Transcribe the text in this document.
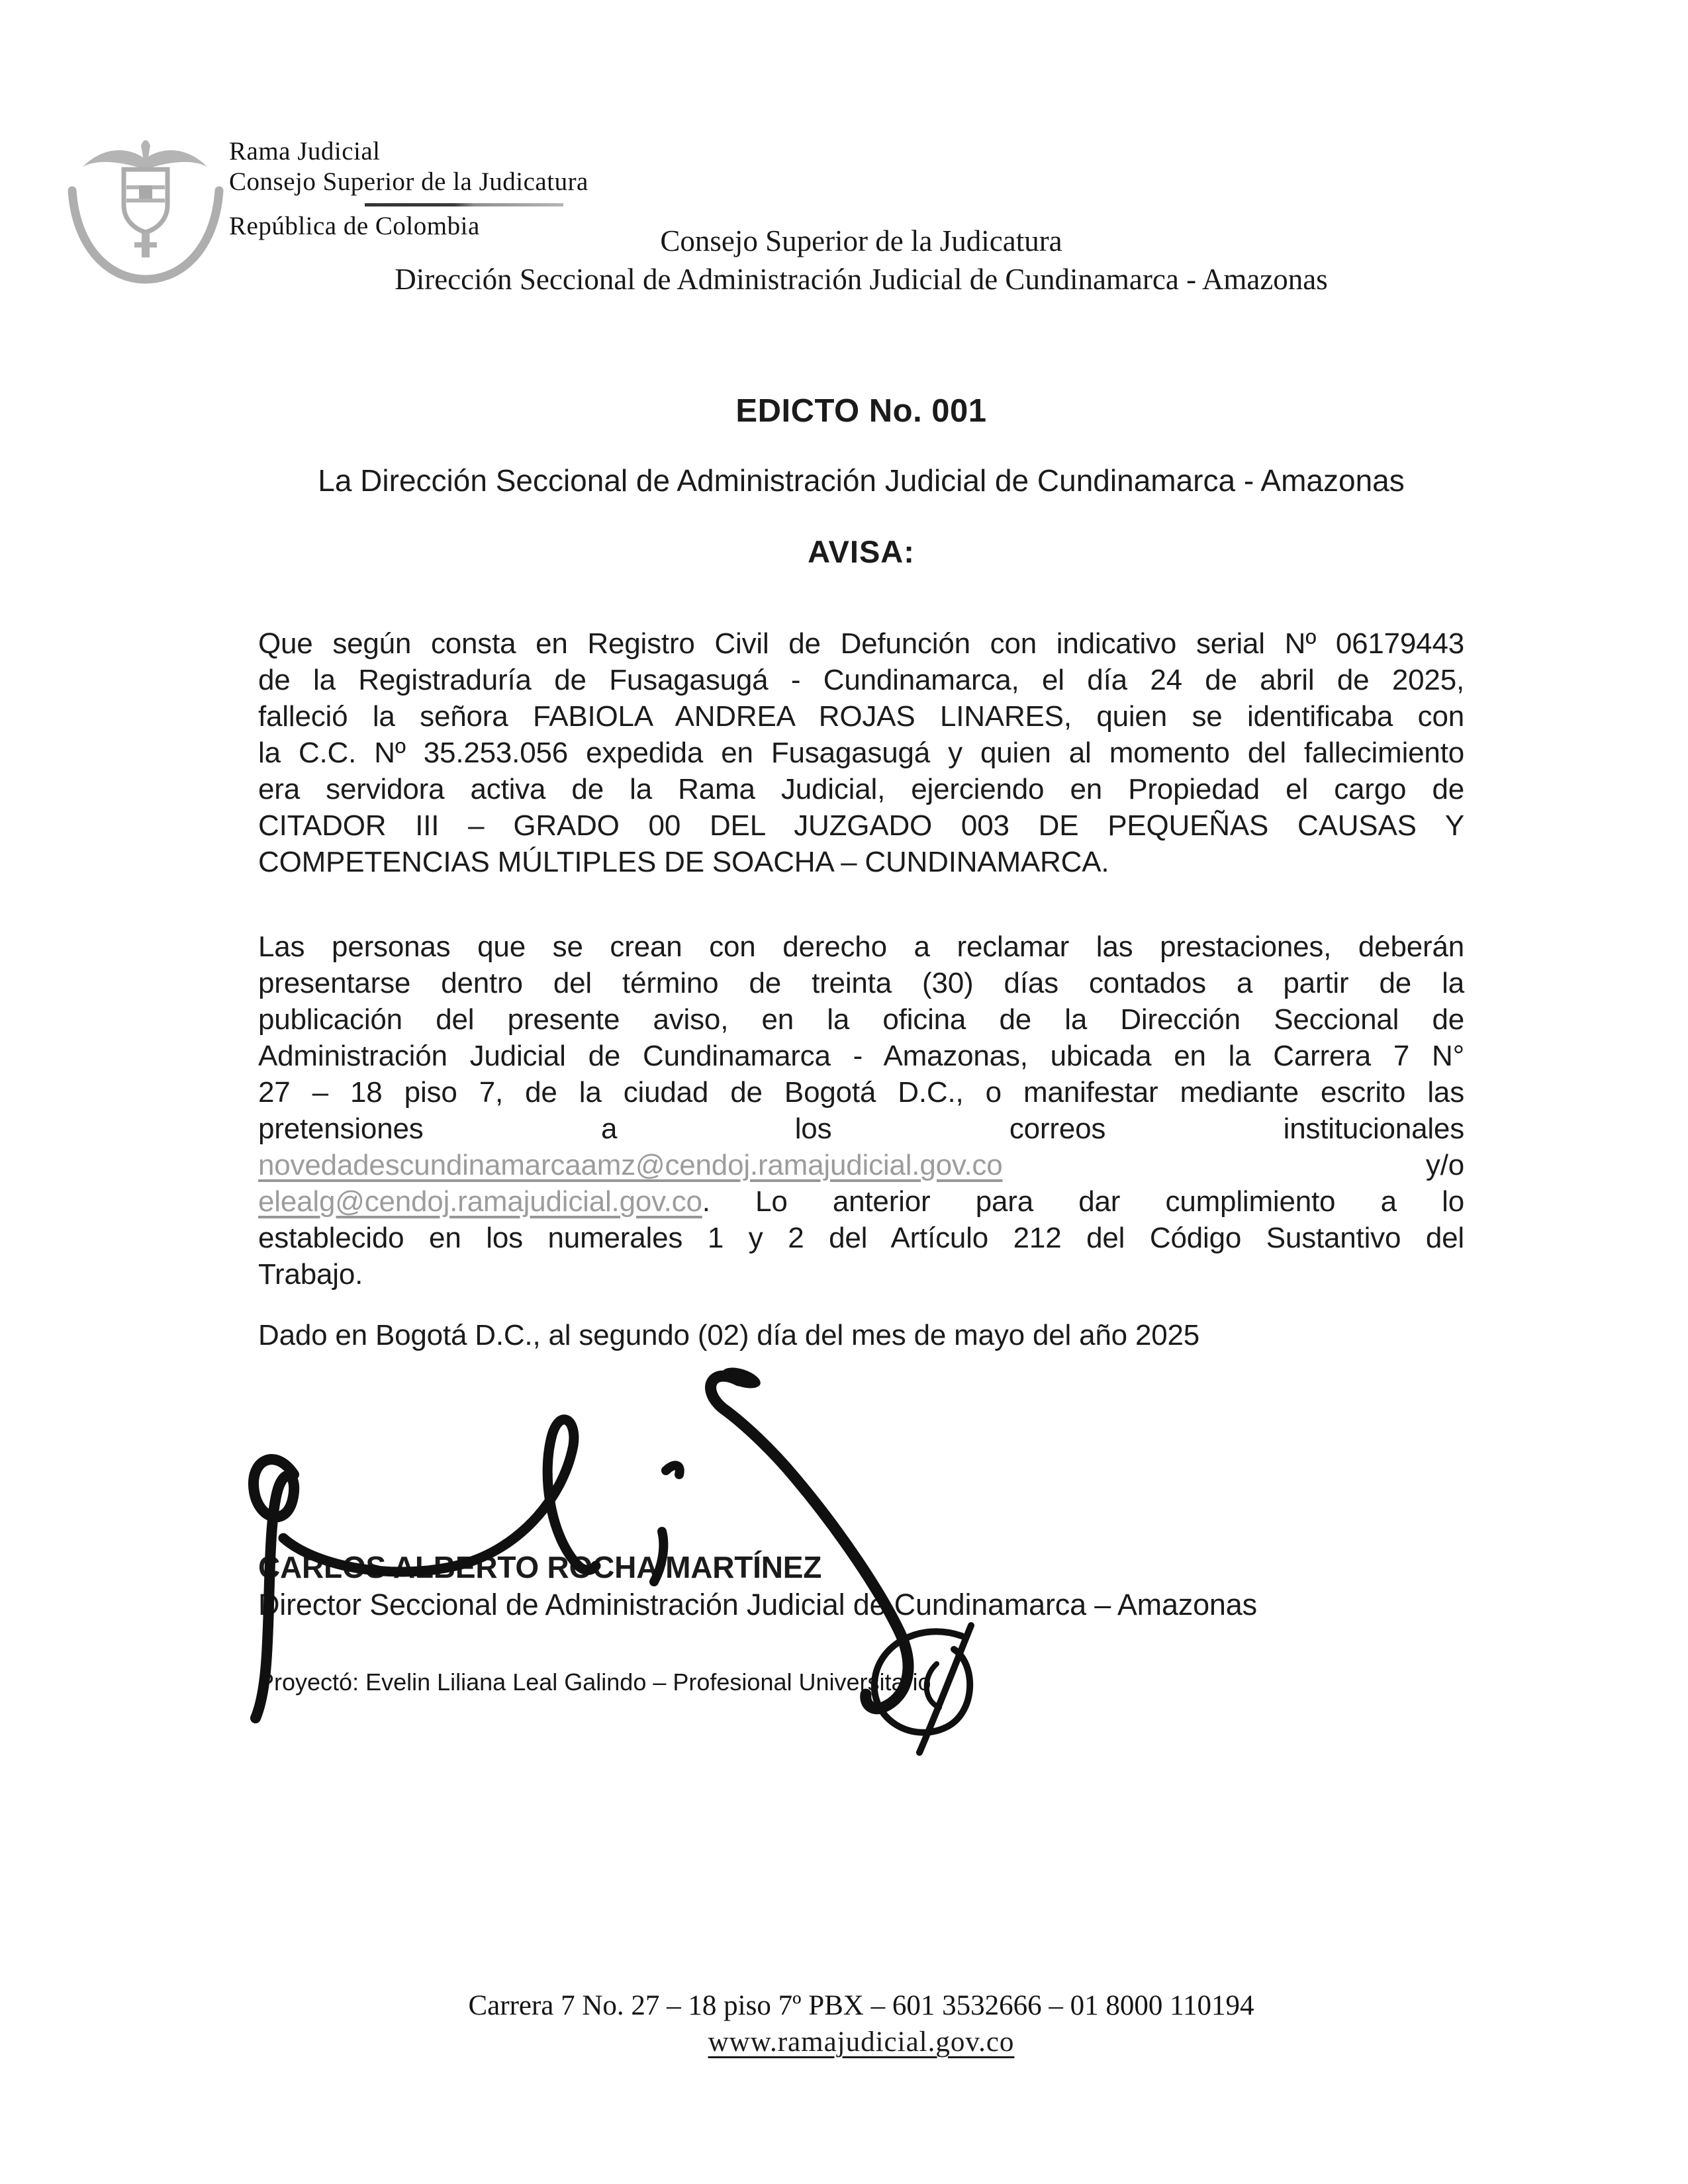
Rama Judicial
Consejo Superior de la Judicatura
República de Colombia	Consejo Superior de la Judicatura
Dirección Seccional de Administración Judicial de Cundinamarca - Amazonas
EDICTO No. 001
La Dirección Seccional de Administración Judicial de Cundinamarca - Amazonas
AVISA:
Que según consta en Registro Civil de Defunción con indicativo serial Nº 06179443
de la Registraduría de Fusagasugá - Cundinamarca, el día 24 de abril de 2025,
falleció la señora FABIOLA ANDREA ROJAS LINARES, quien se identificaba con
la C.C. Nº 35.253.056 expedida en Fusagasugá y quien al momento del fallecimiento
era servidora activa de la Rama Judicial, ejerciendo en Propiedad el cargo de
CITADOR III – GRADO 00 DEL JUZGADO 003 DE PEQUEÑAS CAUSAS Y
COMPETENCIAS MÚLTIPLES DE SOACHA – CUNDINAMARCA.
Las personas que se crean con derecho a reclamar las prestaciones, deberán
presentarse dentro del término de treinta (30) días contados a partir de la
publicación del presente aviso, en la oficina de la Dirección Seccional de
Administración Judicial de Cundinamarca - Amazonas, ubicada en la Carrera 7 N°
27 – 18 piso 7, de la ciudad de Bogotá D.C., o manifestar mediante escrito las
pretensiones a los correos institucionales
novedadescundinamarcaamz@cendoj.ramajudicial.gov.co	y/o
elealg@cendoj.ramajudicial.gov.co. Lo anterior para dar cumplimiento a lo
establecido en los numerales 1 y 2 del Artículo 212 del Código Sustantivo del
Trabajo.
Dado en Bogotá D.C., al segundo (02) día del mes de mayo del año 2025
CARLOS ALBERTO ROCHA MARTÍNEZ
Director Seccional de Administración Judicial de Cundinamarca – Amazonas
Proyectó: Evelin Liliana Leal Galindo – Profesional Universitario
Carrera 7 No. 27 – 18 piso 7º PBX – 601 3532666 – 01 8000 110194
www.ramajudicial.gov.co
